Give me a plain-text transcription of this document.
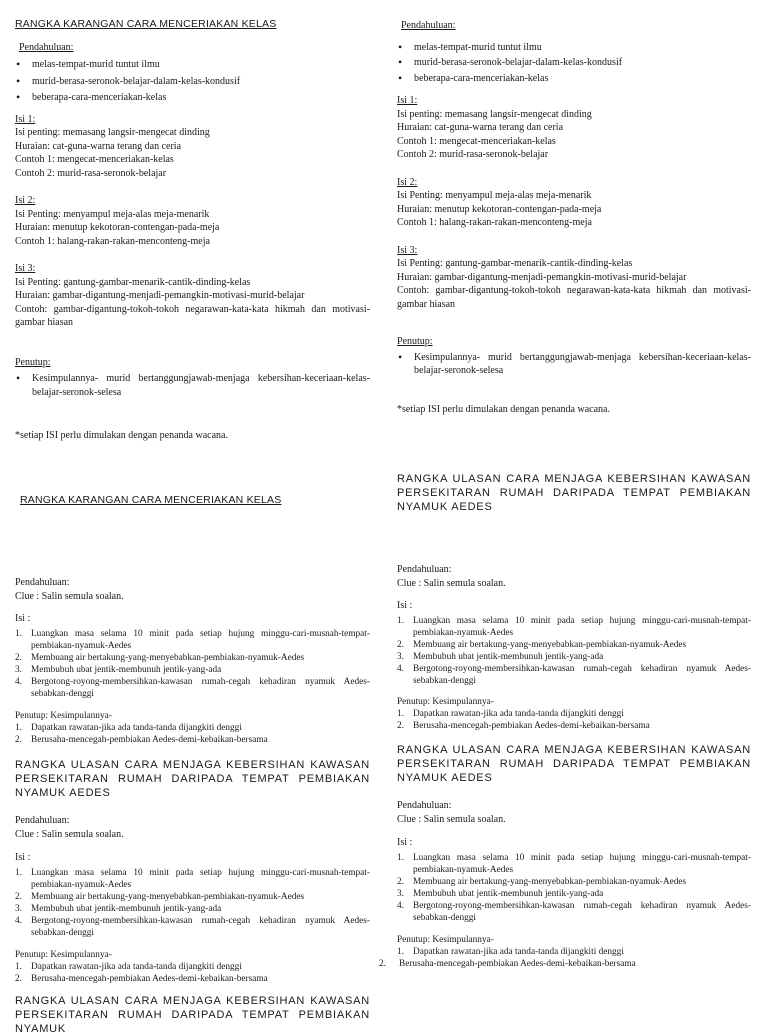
RANGKA KARANGAN CARA MENCERIAKAN KELAS

Pendahuluan:

• melas-tempat-murid tuntut ilmu
• murid-berasa-seronok-belajar-dalam-kelas-kondusif
• beberapa-cara-menceriakan-kelas

Isi 1:

Isi penting: memasang langsir-mengecat dinding
Huraian: cat-guna-warna terang dan ceria
Contoh 1: mengecat-menceriakan-kelas
Contoh 2: murid-rasa-seronok-belajar

Isi 2:

Isi Penting: menyampul meja-alas meja-menarik
Huraian: menutup kekotoran-contengan-pada-meja
Contoh 1: halang-rakan-rakan-menconteng-meja

Isi 3:

Isi Penting: gantung-gambar-menarik-cantik-dinding-kelas
Huraian: gambar-digantung-menjadi-pemangkin-motivasi-murid-belajar

Contoh: gambar-digantung-tokoh-tokoh negarawan-kata-kata hikmah dan motivasi-gambar hiasan

Penutup:

• Kesimpulannya- murid bertanggungjawab-menjaga kebersihan-keceriaan-kelas-belajar-seronok-selesa

*setiap ISI perlu dimulakan dengan penanda wacana.

Pendahuluan:

• melas-tempat-murid tuntut ilmu
• murid-berasa-seronok-belajar-dalam-kelas-kondusif
• beberapa-cara-menceriakan-kelas

Isi 1:

Isi penting: memasang langsir-mengecat dinding
Huraian: cat-guna-warna terang dan ceria
Contoh 1: mengecat-menceriakan-kelas
Contoh 2: murid-rasa-seronok-belajar

Isi 2:

Isi Penting: menyampul meja-alas meja-menarik
Huraian: menutup kekotoran-contengan-pada-meja
Contoh 1: halang-rakan-rakan-menconteng-meja

Isi 3:

Isi Penting: gantung-gambar-menarik-cantik-dinding-kelas
Huraian: gambar-digantung-menjadi-pemangkin-motivasi-murid-belajar

Contoh: gambar-digantung-tokoh-tokoh negarawan-kata-kata hikmah dan motivasi-gambar hiasan

Penutup:

• Kesimpulannya- murid bertanggungjawab-menjaga kebersihan-keceriaan-kelas-belajar-seronok-selesa

*setiap ISI perlu dimulakan dengan penanda wacana.

RANGKA KARANGAN CARA MENCERIAKAN KELAS

RANGKA ULASAN CARA MENJAGA KEBERSIHAN KAWASAN PERSEKITARAN RUMAH DARIPADA TEMPAT PEMBIAKAN NYAMUK AEDES

Pendahuluan:
Clue : Salin semula soalan.

Isi :

1. Luangkan masa selama 10 minit pada setiap hujung minggu-cari-musnah-tempat-pembiakan-nyamuk-Aedes
2. Membuang air bertakung-yang-menyebabkan-pembiakan-nyamuk-Aedes
3. Membubuh ubat jentik-membunuh jentik-yang-ada
4. Bergotong-royong-membersihkan-kawasan rumah-cegah kehadiran nyamuk Aedes-sebabkan-denggi

Penutup: Kesimpulannya-

1. Dapatkan rawatan-jika ada tanda-tanda dijangkiti denggi
2. Berusaha-mencegah-pembiakan Aedes-demi-kebaikan-bersama
Pendahuluan:
Clue : Salin semula soalan.

Isi :

1. Luangkan masa selama 10 minit pada setiap hujung minggu-cari-musnah-tempat-pembiakan-nyamuk-Aedes
2. Membuang air bertakung-yang-menyebabkan-pembiakan-nyamuk-Aedes
3. Membubuh ubat jentik-membunuh jentik-yang-ada
4. Bergotong-royong-membersihkan-kawasan rumah-cegah kehadiran nyamuk Aedes-sebabkan-denggi

Penutup: Kesimpulannya-

1. Dapatkan rawatan-jika ada tanda-tanda dijangkiti denggi
2. Berusaha-mencegah-pembiakan Aedes-demi-kebaikan-bersama

RANGKA ULASAN CARA MENJAGA KEBERSIHAN KAWASAN PERSEKITARAN RUMAH DARIPADA TEMPAT PEMBIAKAN NYAMUK AEDES

Pendahuluan:

Clue : Salin semula soalan.

Isi :

1. Luangkan masa selama 10 minit pada setiap hujung minggu-cari-musnah-tempat-pembiakan-nyamuk-Aedes
2. Membuang air bertakung-yang-menyebabkan-pembiakan-nyamuk-Aedes
3. Membubuh ubat jentik-membunuh jentik-yang-ada
4. Bergotong-royong-membersihkan-kawasan rumah-cegah kehadiran nyamuk Aedes-sebabkan-denggi

Penutup: Kesimpulannya-

1. Dapatkan rawatan-jika ada tanda-tanda dijangkiti denggi
2. Berusaha-mencegah-pembiakan Aedes-demi-kebaikan-bersama

RANGKA ULASAN CARA MENJAGA KEBERSIHAN KAWASAN PERSEKITARAN RUMAH DARIPADA TEMPAT PEMBIAKAN NYAMUK AEDES

Pendahuluan:

Clue : Salin semula soalan.

Isi :

1. Luangkan masa selama 10 minit pada setiap hujung minggu-cari-musnah-tempat-pembiakan-nyamuk-Aedes
2. Membuang air bertakung-yang-menyebabkan-pembiakan-nyamuk-Aedes
3. Membubuh ubat jentik-membunuh jentik-yang-ada
4. Bergotong-royong-membersihkan-kawasan rumah-cegah kehadiran nyamuk Aedes-sebabkan-denggi

Penutup: Kesimpulannya-

1. Dapatkan rawatan-jika ada tanda-tanda dijangkiti denggi
2. Berusaha-mencegah-pembiakan Aedes-demi-kebaikan-bersama

RANGKA ULASAN CARA MENJAGA KEBERSIHAN KAWASAN PERSEKITARAN RUMAH DARIPADA TEMPAT PEMBIAKAN NYAMUK
